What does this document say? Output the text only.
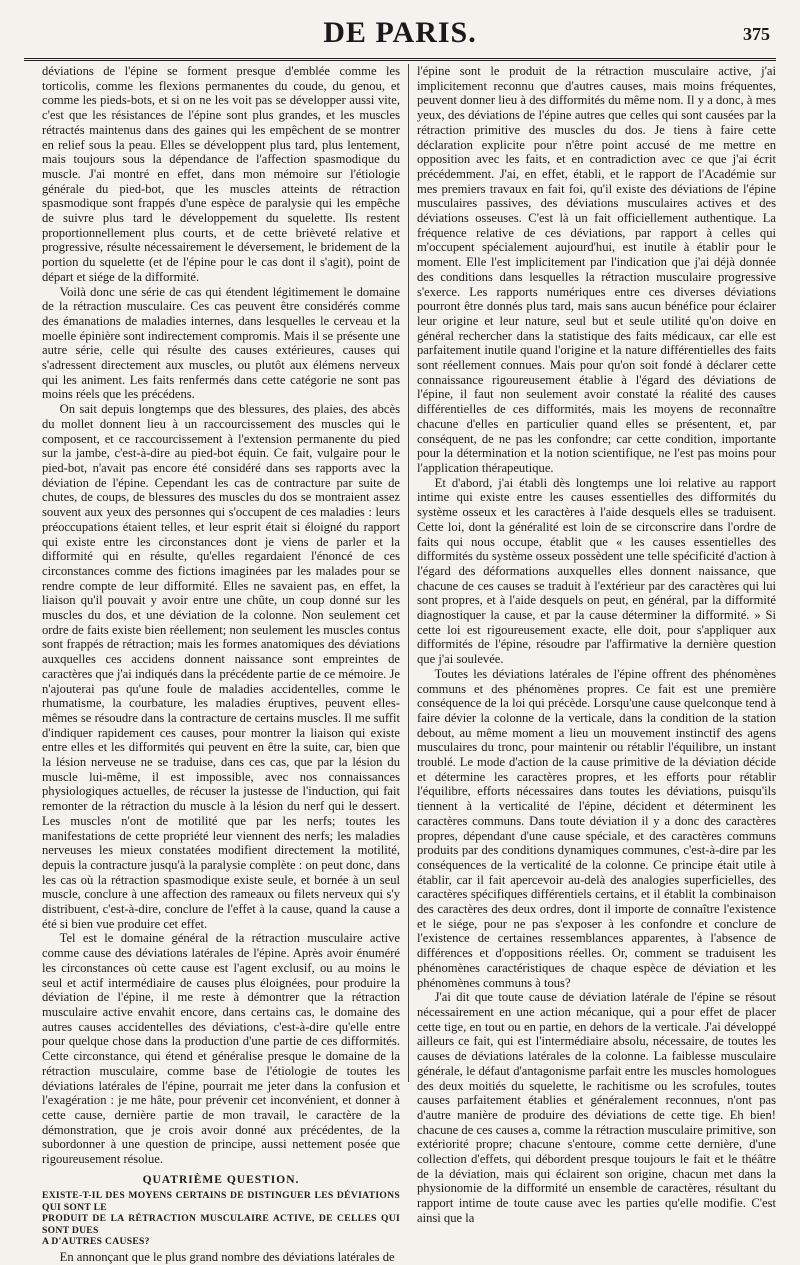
DE PARIS.	375

déviations de l'épine se forment presque d'emblée comme les torticolis, comme les flexions permanentes du coude, du genou, et comme les pieds-bots, et si on ne les voit pas se développer aussi vite, c'est que les résistances de l'épine sont plus grandes, et les muscles rétractés maintenus dans des gaines qui les empêchent de se montrer en relief sous la peau. Elles se développent plus tard, plus lentement, mais toujours sous la dépendance de l'affection spasmodique du muscle. J'ai montré en effet, dans mon mémoire sur l'étiologie générale du pied-bot, que les muscles atteints de rétraction spasmodique sont frappés d'une espèce de paralysie qui les empêche de suivre plus tard le développement du squelette. Ils restent proportionnellement plus courts, et de cette brièveté relative et progressive, résulte nécessairement le déversement, le bridement de la portion du squelette (et de l'épine pour le cas dont il s'agit), point de départ et siége de la difformité.

Voilà donc une série de cas qui étendent légitimement le domaine de la rétraction musculaire. Ces cas peuvent être considérés comme des émanations de maladies internes, dans lesquelles le cerveau et la moelle épinière sont indirectement compromis. Mais il se présente une autre série, celle qui résulte des causes extérieures, causes qui s'adressent directement aux muscles, ou plutôt aux élémens nerveux qui les animent. Les faits renfermés dans cette catégorie ne sont pas moins réels que les précédens.

On sait depuis longtemps que des blessures, des plaies, des abcès du mollet donnent lieu à un raccourcissement des muscles qui le composent, et ce raccourcissement à l'extension permanente du pied sur la jambe, c'est-à-dire au pied-bot équin. Ce fait, vulgaire pour le pied-bot, n'avait pas encore été considéré dans ses rapports avec la déviation de l'épine. Cependant les cas de contracture par suite de chutes, de coups, de blessures des muscles du dos se montraient assez souvent aux yeux des personnes qui s'occupent de ces maladies : leurs préoccupations étaient telles, et leur esprit était si éloigné du rapport qui existe entre les circonstances dont je viens de parler et la difformité qui en résulte, qu'elles regardaient l'énoncé de ces circonstances comme des fictions imaginées par les malades pour se rendre compte de leur difformité. Elles ne savaient pas, en effet, la liaison qu'il pouvait y avoir entre une chûte, un coup donné sur les muscles du dos, et une déviation de la colonne. Non seulement cet ordre de faits existe bien réellement; non seulement les muscles contus sont frappés de rétraction; mais les formes anatomiques des déviations auxquelles ces accidens donnent naissance sont empreintes de caractères que j'ai indiqués dans la précédente partie de ce mémoire. Je n'ajouterai pas qu'une foule de maladies accidentelles, comme le rhumatisme, la courbature, les maladies éruptives, peuvent elles-mêmes se résoudre dans la contracture de certains muscles. Il me suffit d'indiquer rapidement ces causes, pour montrer la liaison qui existe entre elles et les difformités qui peuvent en être la suite, car, bien que la lésion nerveuse ne se traduise, dans ces cas, que par la lésion du muscle lui-même, il est impossible, avec nos connaissances physiologiques actuelles, de récuser la justesse de l'induction, qui fait remonter de la rétraction du muscle à la lésion du nerf qui le dessert. Les muscles n'ont de motilité que par les nerfs; toutes les manifestations de cette propriété leur viennent des nerfs; les maladies nerveuses les mieux constatées modifient directement la motilité, depuis la contracture jusqu'à la paralysie complète : on peut donc, dans les cas où la rétraction spasmodique existe seule, et bornée à un seul muscle, conclure à une affection des rameaux ou filets nerveux qui s'y distribuent, c'est-à-dire, conclure de l'effet à la cause, quand la cause a été si bien vue produire cet effet.

Tel est le domaine général de la rétraction musculaire active comme cause des déviations latérales de l'épine. Après avoir énuméré les circonstances où cette cause est l'agent exclusif, ou au moins le seul et actif intermédiaire de causes plus éloignées, pour produire la déviation de l'épine, il me reste à démontrer que la rétraction musculaire active envahit encore, dans certains cas, le domaine des autres causes accidentelles des déviations, c'est-à-dire qu'elle entre pour quelque chose dans la production d'une partie de ces difformités. Cette circonstance, qui étend et généralise presque le domaine de la rétraction musculaire, comme base de l'étiologie de toutes les déviations latérales de l'épine, pourrait me jeter dans la confusion et l'exagération : je me hâte, pour prévenir cet inconvénient, et donner à cette cause, dernière partie de mon travail, le caractère de la démonstration, que je crois avoir donné aux précédentes, de la subordonner à une question de principe, aussi nettement posée que rigoureusement résolue.

QUATRIÈME QUESTION.
EXISTE-T-IL DES MOYENS CERTAINS DE DISTINGUER LES DÉVIATIONS QUI SONT LE
PRODUIT DE LA RÉTRACTION MUSCULAIRE ACTIVE, DE CELLES QUI SONT DUES
A D'AUTRES CAUSES?

En annonçant que le plus grand nombre des déviations latérales de

l'épine sont le produit de la rétraction musculaire active, j'ai implicitement reconnu que d'autres causes, mais moins fréquentes, peuvent donner lieu à des difformités du même nom. Il y a donc, à mes yeux, des déviations de l'épine autres que celles qui sont causées par la rétraction primitive des muscles du dos. Je tiens à faire cette déclaration explicite pour n'être point accusé de me mettre en opposition avec les faits, et en contradiction avec ce que j'ai écrit précédemment. J'ai, en effet, établi, et le rapport de l'Académie sur mes premiers travaux en fait foi, qu'il existe des déviations de l'épine musculaires passives, des déviations musculaires actives et des déviations osseuses. C'est là un fait officiellement authentique. La fréquence relative de ces déviations, par rapport à celles qui m'occupent spécialement aujourd'hui, est inutile à établir pour le moment. Elle l'est implicitement par l'indication que j'ai déjà donnée des conditions dans lesquelles la rétraction musculaire progressive s'exerce. Les rapports numériques entre ces diverses déviations pourront être donnés plus tard, mais sans aucun bénéfice pour éclairer leur origine et leur nature, seul but et seule utilité qu'on doive en général rechercher dans la statistique des faits médicaux, car elle est parfaitement inutile quand l'origine et la nature différentielles des faits sont réellement connues. Mais pour qu'on soit fondé à déclarer cette connaissance rigoureusement établie à l'égard des déviations de l'épine, il faut non seulement avoir constaté la réalité des causes différentielles de ces difformités, mais les moyens de reconnaître chacune d'elles en particulier quand elles se présentent, et, par conséquent, de ne pas les confondre; car cette condition, importante pour la détermination et la notion scientifique, ne l'est pas moins pour l'application thérapeutique.

Et d'abord, j'ai établi dès longtemps une loi relative au rapport intime qui existe entre les causes essentielles des difformités du système osseux et les caractères à l'aide desquels elles se traduisent. Cette loi, dont la généralité est loin de se circonscrire dans l'ordre de faits qui nous occupe, établit que « les causes essentielles des difformités du système osseux possèdent une telle spécificité d'action à l'égard des déformations auxquelles elles donnent naissance, que chacune de ces causes se traduit à l'extérieur par des caractères qui lui sont propres, et à l'aide desquels on peut, en général, par la difformité diagnostiquer la cause, et par la cause déterminer la difformité. » Si cette loi est rigoureusement exacte, elle doit, pour s'appliquer aux difformités de l'épine, résoudre par l'affirmative la dernière question que j'ai soulevée.

Toutes les déviations latérales de l'épine offrent des phénomènes communs et des phénomènes propres. Ce fait est une première conséquence de la loi qui précède. Lorsqu'une cause quelconque tend à faire dévier la colonne de la verticale, dans la condition de la station debout, au même moment a lieu un mouvement instinctif des agens musculaires du tronc, pour maintenir ou rétablir l'équilibre, un instant troublé. Le mode d'action de la cause primitive de la déviation décide et détermine les caractères propres, et les efforts pour rétablir l'équilibre, efforts nécessaires dans toutes les déviations, puisqu'ils tiennent à la verticalité de l'épine, décident et déterminent les caractères communs. Dans toute déviation il y a donc des caractères propres, dépendant d'une cause spéciale, et des caractères communs produits par des conditions dynamiques communes, c'est-à-dire par les conséquences de la verticalité de la colonne. Ce principe était utile à établir, car il fait apercevoir au-delà des analogies superficielles, des caractères spécifiques différentiels certains, et il établit la combinaison des caractères des deux ordres, dont il importe de connaître l'existence et le siége, pour ne pas s'exposer à les confondre et conclure de l'existence de certaines ressemblances apparentes, à l'absence de différences et d'oppositions réelles. Or, comment se traduisent les phénomènes caractéristiques de chaque espèce de déviation et les phénomènes communs à tous?

J'ai dit que toute cause de déviation latérale de l'épine se résout nécessairement en une action mécanique, qui a pour effet de placer cette tige, en tout ou en partie, en dehors de la verticale. J'ai développé ailleurs ce fait, qui est l'intermédiaire absolu, nécessaire, de toutes les causes de déviations latérales de la colonne. La faiblesse musculaire générale, le défaut d'antagonisme parfait entre les muscles homologues des deux moitiés du squelette, le rachitisme ou les scrofules, toutes causes parfaitement établies et généralement reconnues, n'ont pas d'autre manière de produire des déviations de cette tige. Eh bien! chacune de ces causes a, comme la rétraction musculaire primitive, son extériorité propre; chacune s'entoure, comme cette dernière, d'une collection d'effets, qui débordent presque toujours le fait et le théâtre de la déviation, mais qui éclairent son origine, chacun met dans la physionomie de la difformité un ensemble de caractères, résultant du rapport intime de toute cause avec les parties qu'elle modifie. C'est ainsi que la
